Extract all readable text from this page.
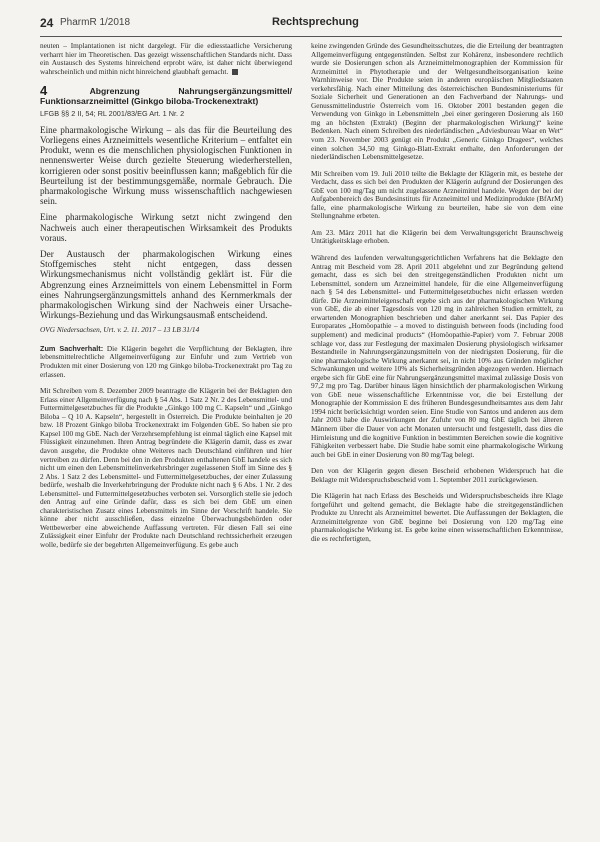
24 PharmR 1/2018	Rechtsprechung

neuten – Implantationen ist nicht dargelegt. Für die ediesstaatliche Versicherung verharrt hier im Theoretischen. Das gezeigt wissenschaftlichen Standards nicht. Dass ein Austausch des Systems hinreichend erprobt wäre, ist daher nicht überwiegend wahrscheinlich und mithin nicht hinreichend glaubhaft gemacht.

4	Abgrenzung Nahrungsergänzungsmittel/ Funktionsarzneimittel (Ginkgo biloba-Trockenextrakt)
LFGB §§ 2 II, 54; RL 2001/83/EG Art. 1 Nr. 2

Eine pharmakologische Wirkung – als das für die Beurteilung des Vorliegens eines Arzneimittels wesentliche Kriterium – entfaltet ein Produkt, wenn es die menschlichen physiologischen Funktionen in nennenswerter Weise durch gezielte Steuerung wiederherstellen, korrigieren oder sonst positiv beeinflussen kann; maßgeblich für die Beurteilung ist der bestimmungsgemäße, normale Gebrauch. Die pharmakologische Wirkung muss wissenschaftlich nachgewiesen sein.

Eine pharmakologische Wirkung setzt nicht zwingend den Nachweis auch einer therapeutischen Wirksamkeit des Produkts voraus.

Der Austausch der pharmakologischen Wirkung eines Stoffgemisches steht nicht entgegen, dass dessen Wirkungsmechanismus nicht vollständig geklärt ist. Für die Abgrenzung eines Arzneimittels von einem Lebensmittel in Form eines Nahrungsergänzungsmittels anhand des Kernmerkmals der pharmakologischen Wirkung sind der Nachweis einer Ursache-Wirkungs-Beziehung und das Wirkungsausmaß entscheidend.

OVG Niedersachsen, Urt. v. 2. 11. 2017 – 13 LB 31/14

Zum Sachverhalt: Die Klägerin begehrt die Verpflichtung der Beklagten, ihre lebensmittelrechtliche Allgemeinverfügung zur Einfuhr und zum Vertrieb von Produkten mit einer Dosierung von 120 mg Ginkgo biloba-Trockenextrakt pro Tag zu erlassen.

Mit Schreiben vom 8. Dezember 2009 beantragte die Klägerin bei der Beklagten den Erlass einer Allgemeinverfügung nach § 54 Abs. 1 Satz 2 Nr. 2 des Lebensmittel- und Futtermittelgesetzbuches für die Produkte „Ginkgo 100 mg C. Kapseln“ und „Ginkgo Biloba – Q 10 A. Kapseln“, hergestellt in Österreich. Die Produkte beinhalten je 20 bzw. 18 Prozent Ginkgo biloba Trockenextrakt im Folgenden GbE. So haben sie pro Kapsel 100 mg GbE. Nach der Verzehrsempfehlung ist einmal täglich eine Kapsel mit Flüssigkeit einzunehmen. Ihren Antrag begründete die Klägerin damit, dass es zwar davon ausgehe, die Produkte ohne Weiteres nach Deutschland einführen und hier vertreiben zu dürfen. Denn bei den in den Produkten enthaltenen GbE handele es sich nicht um einen den Lebensmittelinverkehrsbringer zugelassenen Stoff im Sinne des § 2 Abs. 1 Satz 2 des Lebensmittel- und Futtermittelgesetzbuches, der einer Zulassung bedürfe, weshalb die Inverkehrbringung der Produkte nicht nach § 6 Abs. 1 Nr. 2 des Lebensmittel- und Futtermittelgesetzbuches verboten sei. Vorsorglich stelle sie jedoch den Antrag auf eine Gründe dafür, dass es sich bei dem GbE um einen charakteristischen Zusatz eines Lebensmittels im Sinne der Vorschrift handele. Sie könne aber nicht ausschließen, dass einzelne Überwachungsbehörden oder Wettbewerber eine abweichende Auffassung vertreten. Für diesen Fall sei eine Zulässigkeit einer Einfuhr der Produkte nach Deutschland rechtssicherheit erzeugen wolle, bedürfe sie der begehrten Allgemeinverfügung. Es gebe auch

keine zwingenden Gründe des Gesundheitsschutzes, die die Erteilung der beantragten Allgemeinverfügung entgegenstünden. Selbst zur Kohärenz, insbesondere rechtlich wurde sie Dosierungen schon als Arzneimittelmonographien der Kommission für Arzneimittel in Phytotherapie und der Weltgesundheitsorganisation keine Warnhinweise vor. Die Produkte seien in anderen europäischen Mitgliedstaaten verkehrsfähig. Nach einer Mitteilung des österreichischen Bundesministeriums für Soziale Sicherheit und Generationen an den Fachverband der Nahrungs- und Genussmittelindustrie Österreich vom 16. Oktober 2001 bestanden gegen die Verwendung von Ginkgo in Lebensmitteln „bei einer geringeren Dosierung als 160 mg an höchsten (Extrakt) (Beginn der pharmakologischen Wirkung)“ keine Bedenken. Nach einem Schreiben des niederländischen „Adviesbureau Waar en Wet“ vom 23. November 2003 genügt ein Produkt „Generic Ginkgo Dragees“, welches einen solchen 34,50 mg Ginkgo-Blatt-Extrakt enthalte, den Anforderungen der niederländischen Lebensmittelgesetze.

Mit Schreiben vom 19. Juli 2010 teilte die Beklagte der Klägerin mit, es bestehe der Verdacht, dass es sich bei den Produkten der Klägerin aufgrund der Dosierungen des GbE von 100 mg/Tag um nicht zugelassene Arzneimittel handele. Wegen der bei der Aufgabenbereich des Bundesinstituts für Arzneimittel und Medizinprodukte (BfArM) falle, eine pharmakologische Wirkung zu beurteilen, habe sie von dem eine Stellungnahme erbeten.

Am 23. März 2011 hat die Klägerin bei dem Verwaltungsgericht Braunschweig Untätigkeitsklage erhoben.

Während des laufenden verwaltungsgerichtlichen Verfahrens hat die Beklagte den Antrag mit Bescheid vom 28. April 2011 abgelehnt und zur Begründung geltend gemacht, dass es sich bei den streitgegenständlichen Produkten nicht um Lebensmittel, sondern um Arzneimittel handele, für die eine Allgemeinverfügung nach § 54 des Lebensmittel- und Futtermittelgesetzbuches nicht erlassen werden dürfe. Die Arzneimitteleigenschaft ergebe sich aus der pharmakologischen Wirkung von GbE, die ab einer Tagesdosis von 120 mg in zahlreichen Studien ermittelt, zu erwartenden Monographien beschrieben und daher anerkannt sei. Das Papier des Europarates „Homöopathie – a moved to distinguish between foods (including food supplement) and medicinal products“ (Homöopathie-Papier) vom 7. Februar 2008 schlage vor, dass zur Festlegung der maximalen Dosierung physiologisch wirksamer Bestandteile in Nahrungsergänzungsmitteln von der niedrigsten Dosierung, für die eine pharmakologische Wirkung anerkannt sei, in nicht 10% aus Gründen möglicher Schwankungen und weitere 10% als Sicherheitsgründen abgezogen werden. Hiernach ergebe sich für GbE eine für Nahrungsergänzungsmittel maximal zulässige Dosis von 97,2 mg pro Tag. Darüber hinaus lägen hinsichtlich der pharmakologischen Wirkung von GbE neue wissenschaftliche Erkenntnisse vor, die bei Erstellung der Monographie der Kommission E des früheren Bundesgesundheitsamtes aus dem Jahr 1994 nicht berücksichtigt worden seien. Eine Studie von Santos und anderen aus dem Jahr 2003 habe die Auswirkungen der Zufuhr von 80 mg GbE täglich bei älteren Männern über die Dauer von acht Monaten untersucht und festgestellt, dass dies die Hirnleistung und die kognitive Funktion in bestimmten Bereichen sowie die kognitive Fähigkeiten verbessert habe. Die Studie habe somit eine pharmakologische Wirkung auch bei GbE in einer Dosierung von 80 mg/Tag belegt.

Den von der Klägerin gegen diesen Bescheid erhobenen Widerspruch hat die Beklagte mit Widerspruchsbescheid vom 1. September 2011 zurückgewiesen.

Die Klägerin hat nach Erlass des Bescheids und Widerspruchsbescheids ihre Klage fortgeführt und geltend gemacht, die Beklagte habe die streitgegenständlichen Produkte zu Unrecht als Arzneimittel bewertet. Die Auffassungen der Beklagten, die Arzneimittelgrenze von GbE beginne bei Dosierung von 120 mg/Tag eine pharmakologische Wirkung ist. Es gebe keine einen wissenschaftlichen Erkenntnisse, die es rechtfertigten,
